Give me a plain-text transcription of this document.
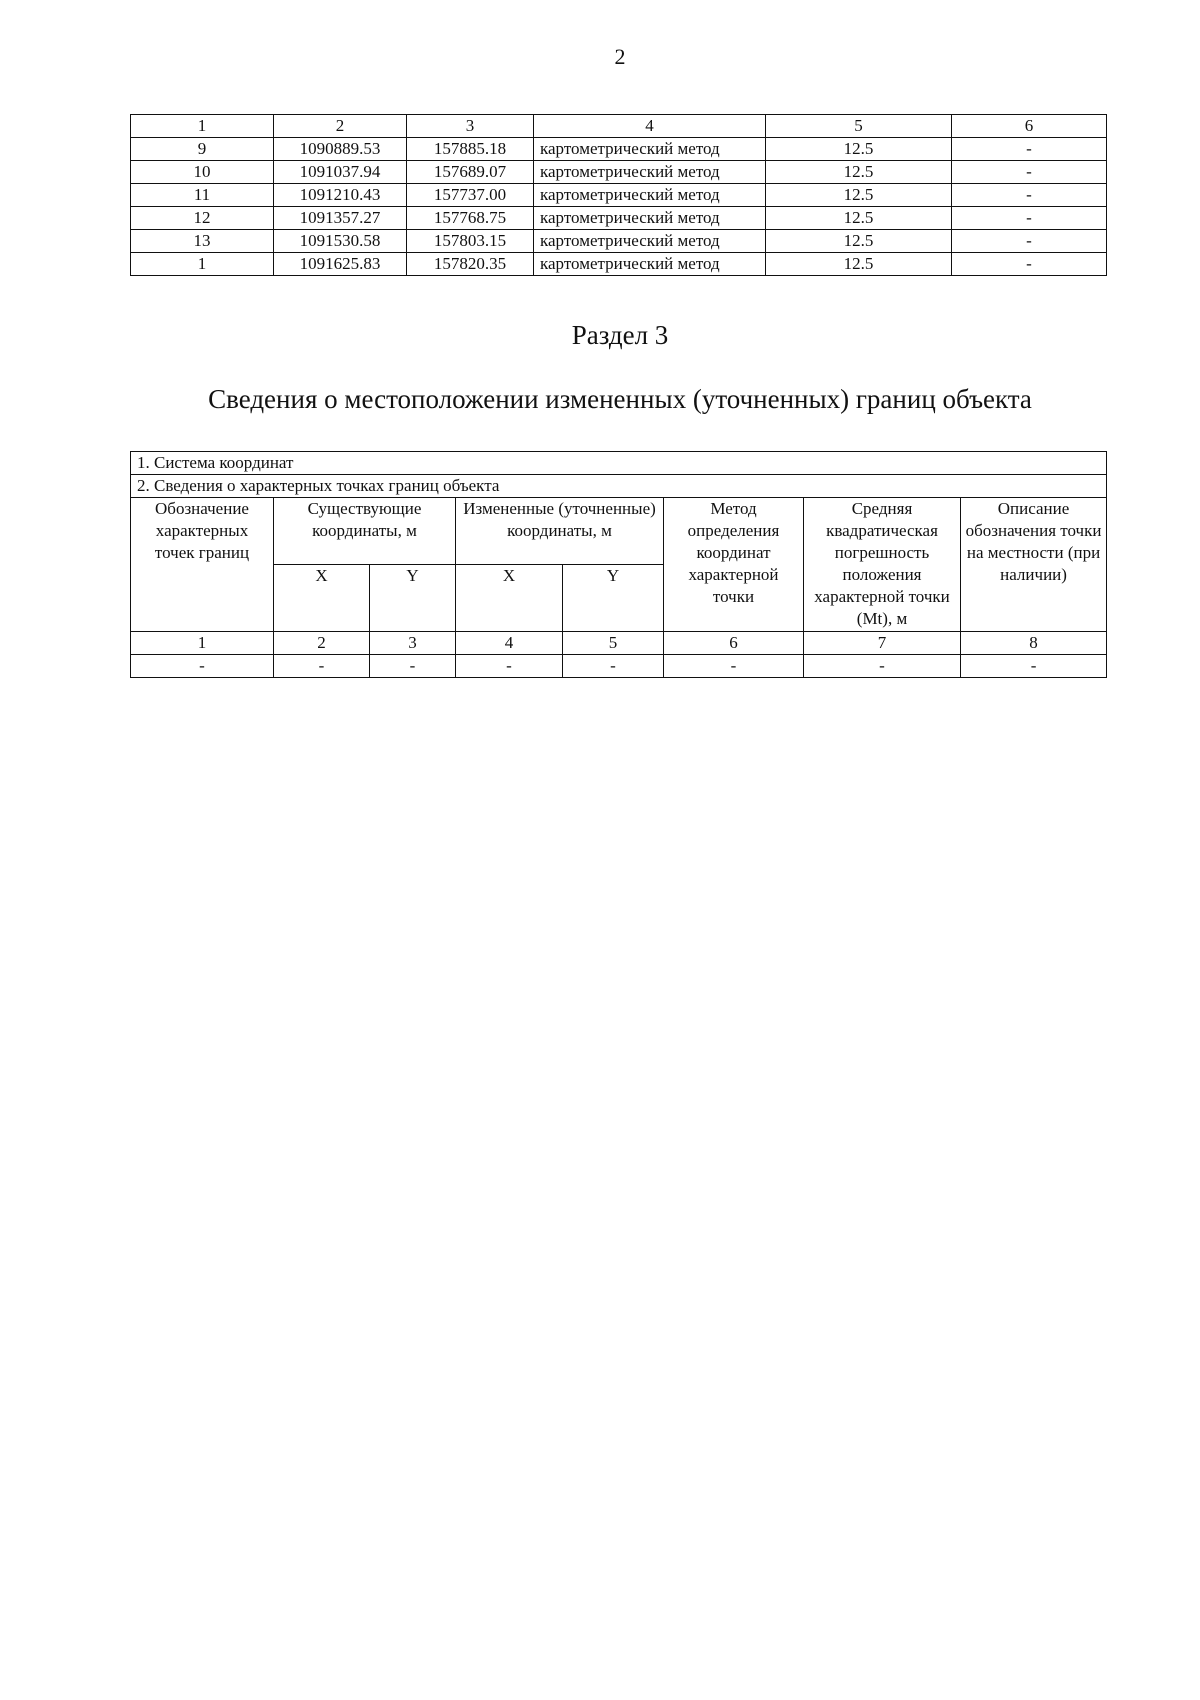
2
1	2	3	4	5	6
9	1090889.53	157885.18	картометрический метод	12.5	-
10	1091037.94	157689.07	картометрический метод	12.5	-
11	1091210.43	157737.00	картометрический метод	12.5	-
12	1091357.27	157768.75	картометрический метод	12.5	-
13	1091530.58	157803.15	картометрический метод	12.5	-
1	1091625.83	157820.35	картометрический метод	12.5	-
Раздел 3
Сведения о местоположении измененных (уточненных) границ объекта
1. Система координат							
2. Сведения о характерных точках границ объекта							
Обозначение характерных точек границ	Существующие координаты, м		Измененные (уточненные) координаты, м		Метод определения координат характерной точки	Средняя квадратическая погрешность положения характерной точки (Mt), м	Описание обозначения точки на местности (при наличии)
	X	Y	X	Y			
1	2	3	4	5	6	7	8
-	-	-	-	-	-	-	-
